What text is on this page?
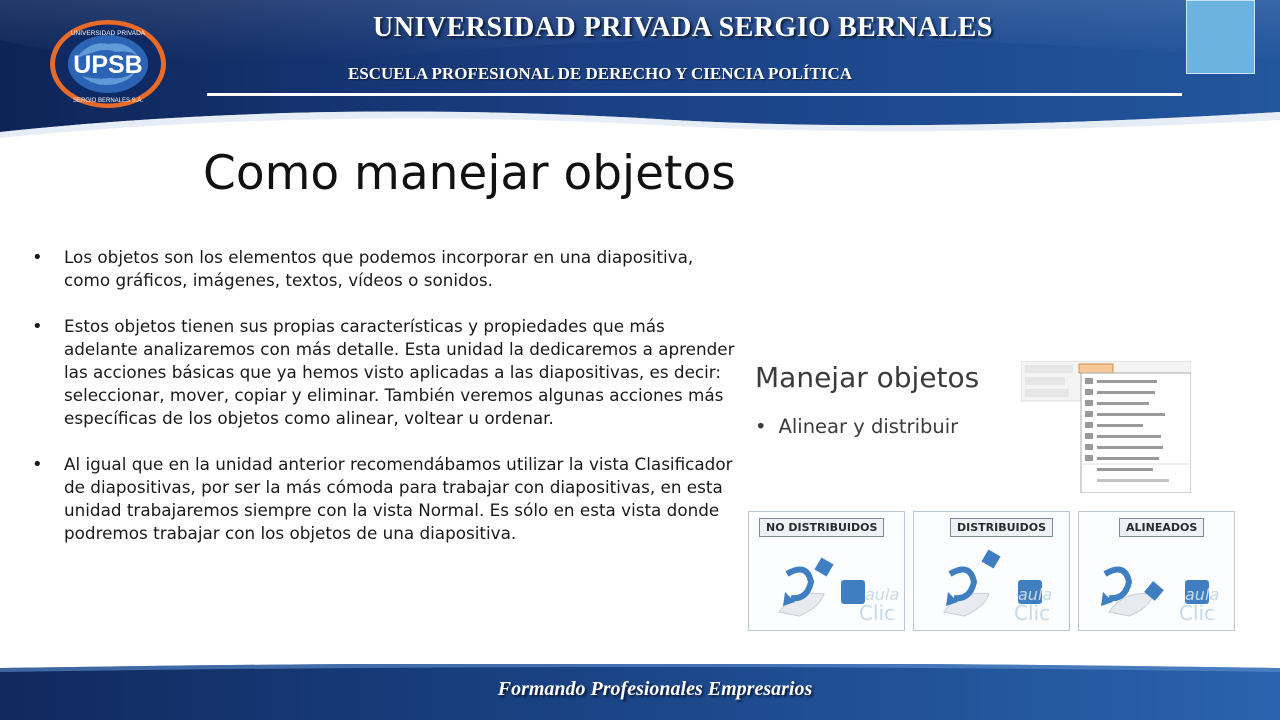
UPSB
UNIVERSIDAD PRIVADA
SERGIO BERNALES S.A.
UNIVERSIDAD PRIVADA SERGIO BERNALES
ESCUELA PROFESIONAL DE DERECHO Y CIENCIA POLÍTICA
Como manejar objetos
• Los objetos son los elementos que podemos incorporar en una diapositiva, como gráficos, imágenes, textos, vídeos o sonidos.
• Estos objetos tienen sus propias características y propiedades que más adelante analizaremos con más detalle. Esta unidad la dedicaremos a aprender las acciones básicas que ya hemos visto aplicadas a las diapositivas, es decir: seleccionar, mover, copiar y eliminar. También veremos algunas acciones más específicas de los objetos como alinear, voltear u ordenar.
• Al igual que en la unidad anterior recomendábamos utilizar la vista Clasificador de diapositivas, por ser la más cómoda para trabajar con diapositivas, en esta unidad trabajaremos siempre con la vista Normal. Es sólo en esta vista donde podremos trabajar con los objetos de una diapositiva.
Manejar objetos
• Alinear y distribuir
aula
Clic
NO DISTRIBUIDOS
aula
Clic
DISTRIBUIDOS
aula
Clic
ALINEADOS
Formando Profesionales Empresarios
